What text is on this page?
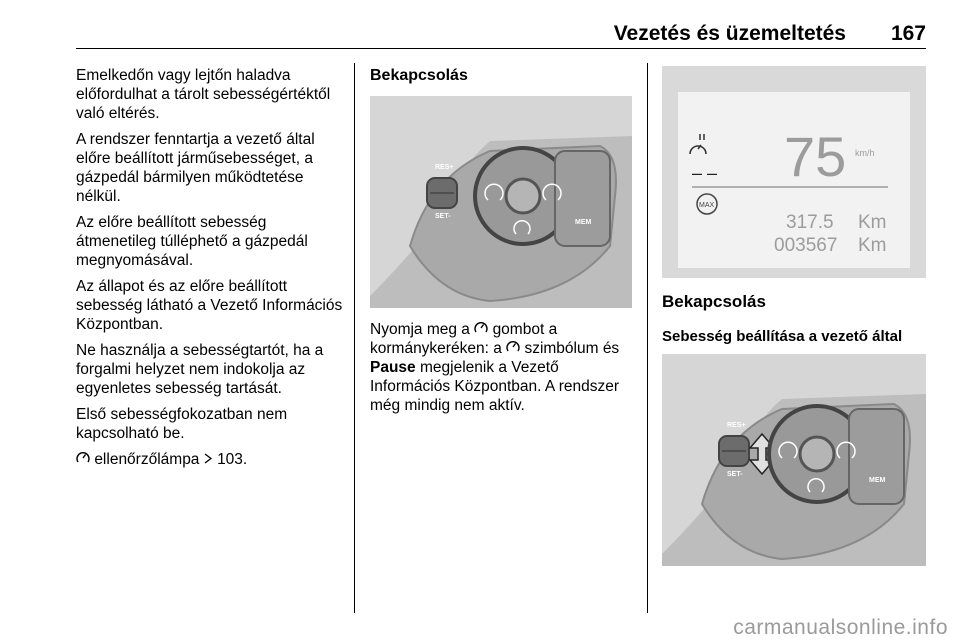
Vezetés és üzemeltetés 167

Emelkedőn vagy lejtőn haladva előfordulhat a tárolt sebességértéktől való eltérés.

A rendszer fenntartja a vezető által előre beállított járműsebességet, a gázpedál bármilyen működtetése nélkül.

Az előre beállított sebesség átmenetileg túlléphető a gázpedál megnyomásával.

Az állapot és az előre beállított sebesség látható a Vezető Információs Központban.

Ne használja a sebességtartót, ha a forgalmi helyzet nem indokolja az egyenletes sebesség tartását.

Első sebességfokozatban nem kapcsolható be.

ellenőrzőlámpa 103.

Bekapcsolás
RES+
SET-
MEM

Nyomja meg a gombot a kormánykeréken: a szimbólum és Pause megjelenik a Vezető Információs Központban. A rendszer még mindig nem aktív.

– – 75 km/h
MAX
317.5 Km
003567 Km
Bekapcsolás
Sebesség beállítása a vezető által
RES+
SET-
MEM
carmanualsonline.info
